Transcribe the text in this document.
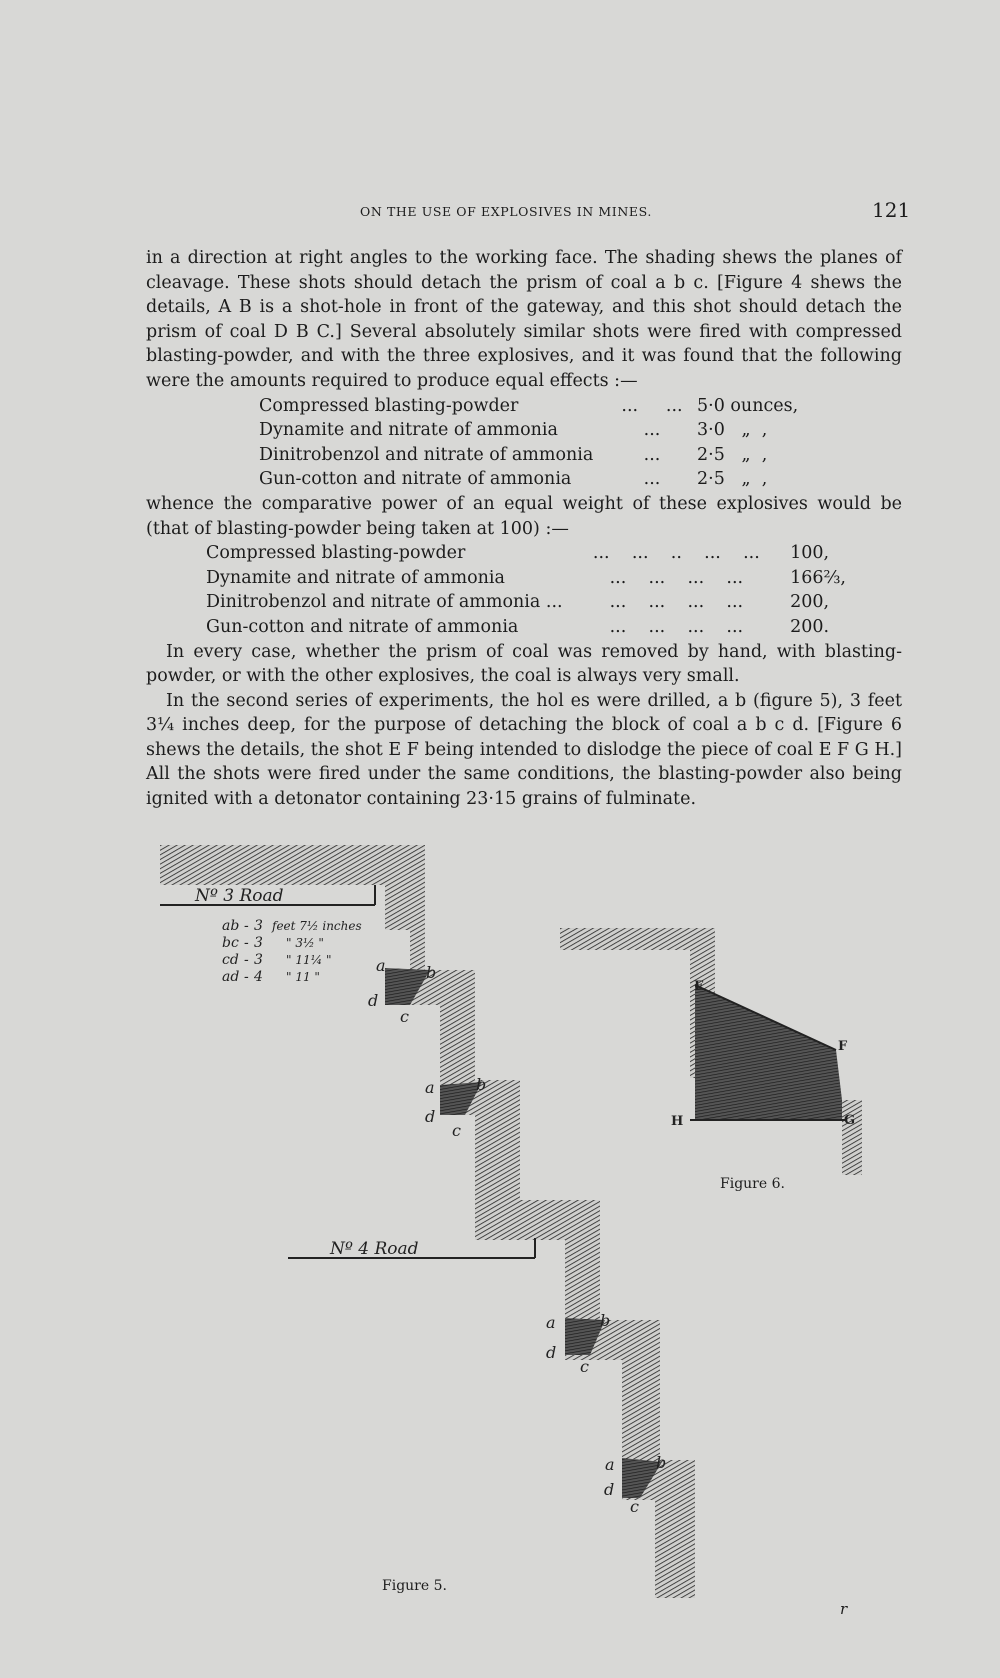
ON THE USE OF EXPLOSIVES IN MINES.	121

in a direction at right angles to the working face. The shading shews the planes of cleavage. These shots should detach the prism of coal a b c. [Figure 4 shews the details, A B is a shot-hole in front of the gateway, and this shot should detach the prism of coal D B C.] Several absolutely similar shots were fired with compressed blasting-powder, and with the three explosives, and it was found that the following were the amounts required to produce equal effects :—

Compressed blasting-powder	...     ...	5·0 ounces,
Dynamite and nitrate of ammonia	...	3·0   „  ,
Dinitrobenzol and nitrate of ammonia	...	2·5   „  ,
Gun-cotton and nitrate of ammonia	...	2·5   „  ,

whence the comparative power of an equal weight of these explosives would be (that of blasting-powder being taken at 100) :—

Compressed blasting-powder	...    ...    ..    ...    ...	100,
Dynamite and nitrate of ammonia	...    ...    ...    ...	166⅔,
Dinitrobenzol and nitrate of ammonia ...	...    ...    ...    ...	200,
Gun-cotton and nitrate of ammonia	...    ...    ...    ...	200.

In every case, whether the prism of coal was removed by hand, with blasting-powder, or with the other explosives, the coal is always very small.

In the second series of experiments, the hol es were drilled, a b (figure 5), 3 feet 3¼ inches deep, for the purpose of detaching the block of coal a b c d. [Figure 6 shews the details, the shot E F being intended to dislodge the piece of coal E F G H.] All the shots were fired under the same conditions, the blasting-powder also being ignited with a detonator containing 23·15 grains of fulminate.

Nº 3 Road
Nº 4 Road
ab - 3 feet 7½ inches
bc - 3 " 3½ "
cd - 3 " 11¼ "
ad - 4 " 11 "
a	b
d
c
a	b
d
c
a	b
d
c
a	b
d
c
E
F
G
H
Figure 6.
Figure 5.
r
